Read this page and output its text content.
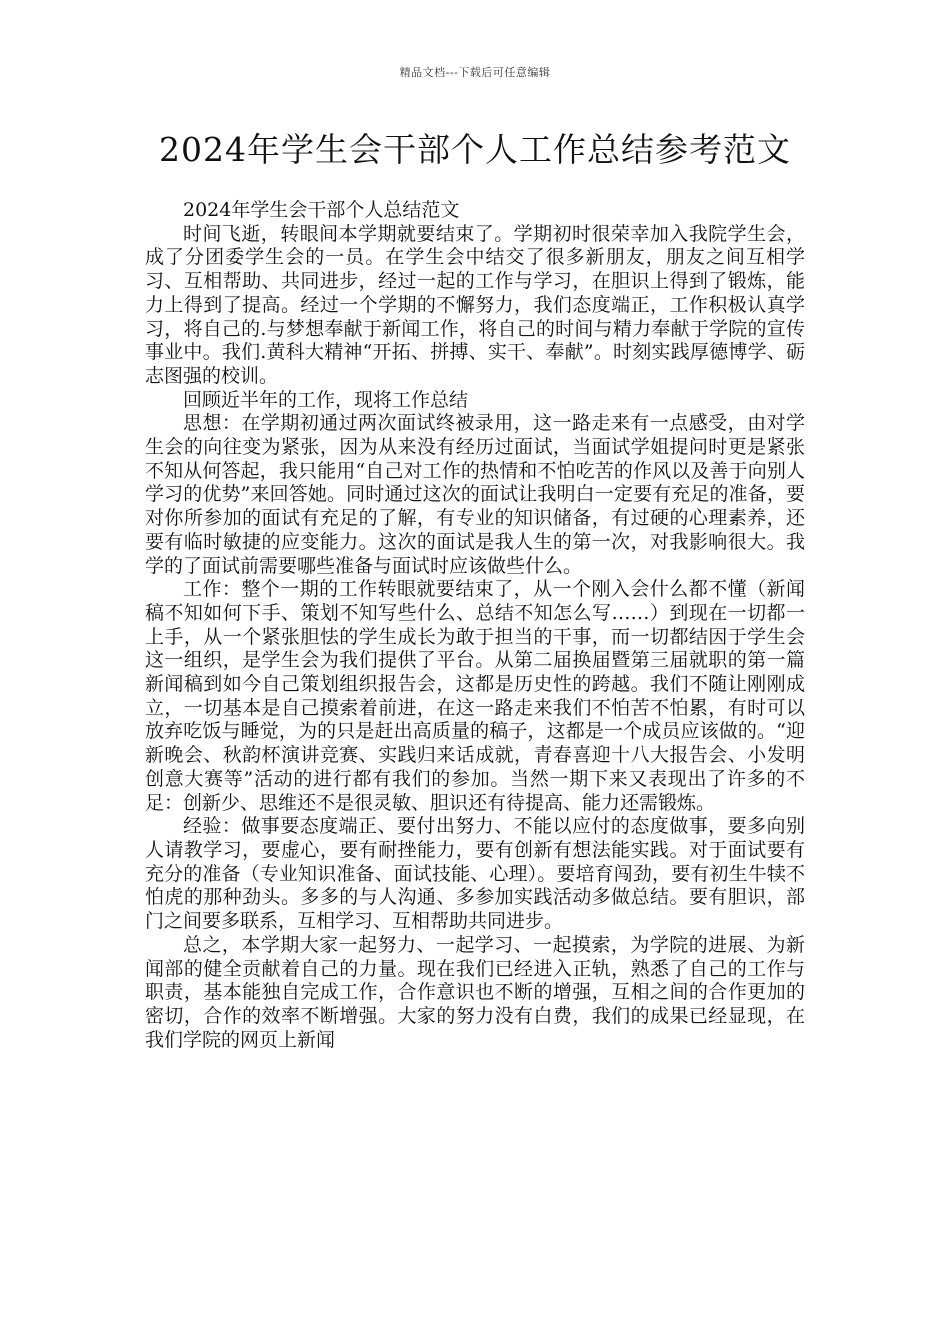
精品文档---下载后可任意编辑
2024年学生会干部个人工作总结参考范文

2024年学生会干部个人总结范文

时间飞逝，转眼间本学期就要结束了。学期初时很荣幸加入我院学生会，成了分团委学生会的一员。在学生会中结交了很多新朋友，朋友之间互相学习、互相帮助、共同进步，经过一起的工作与学习，在胆识上得到了锻炼，能力上得到了提高。经过一个学期的不懈努力，我们态度端正，工作积极认真学习，将自己的.与梦想奉献于新闻工作，将自己的时间与精力奉献于学院的宣传事业中。我们.黄科大精神“开拓、拼搏、实干、奉献”。时刻实践厚德博学、砺志图强的校训。

回顾近半年的工作，现将工作总结

思想：在学期初通过两次面试终被录用，这一路走来有一点感受，由对学生会的向往变为紧张，因为从来没有经历过面试，当面试学姐提问时更是紧张不知从何答起，我只能用“自己对工作的热情和不怕吃苦的作风以及善于向别人学习的优势”来回答她。同时通过这次的面试让我明白一定要有充足的准备，要对你所参加的面试有充足的了解，有专业的知识储备，有过硬的心理素养，还要有临时敏捷的应变能力。这次的面试是我人生的第一次，对我影响很大。我学的了面试前需要哪些准备与面试时应该做些什么。

工作：整个一期的工作转眼就要结束了，从一个刚入会什么都不懂（新闻稿不知如何下手、策划不知写些什么、总结不知怎么写……）到现在一切都一上手，从一个紧张胆怯的学生成长为敢于担当的干事，而一切都结因于学生会这一组织，是学生会为我们提供了平台。从第二届换届暨第三届就职的第一篇新闻稿到如今自己策划组织报告会，这都是历史性的跨越。我们不随让刚刚成立，一切基本是自己摸索着前进，在这一路走来我们不怕苦不怕累，有时可以放弃吃饭与睡觉，为的只是赶出高质量的稿子，这都是一个成员应该做的。“迎新晚会、秋韵杯演讲竞赛、实践归来话成就，青春喜迎十八大报告会、小发明创意大赛等”活动的进行都有我们的参加。当然一期下来又表现出了许多的不足：创新少、思维还不是很灵敏、胆识还有待提高、能力还需锻炼。

经验：做事要态度端正、要付出努力、不能以应付的态度做事，要多向别人请教学习，要虚心，要有耐挫能力，要有创新有想法能实践。对于面试要有充分的准备（专业知识准备、面试技能、心理）。要培育闯劲，要有初生牛犊不怕虎的那种劲头。多多的与人沟通、多参加实践活动多做总结。要有胆识，部门之间要多联系，互相学习、互相帮助共同进步。

总之，本学期大家一起努力、一起学习、一起摸索，为学院的进展、为新闻部的健全贡献着自己的力量。现在我们已经进入正轨，熟悉了自己的工作与职责，基本能独自完成工作，合作意识也不断的增强，互相之间的合作更加的密切，合作的效率不断增强。大家的努力没有白费，我们的成果已经显现，在我们学院的网页上新闻
